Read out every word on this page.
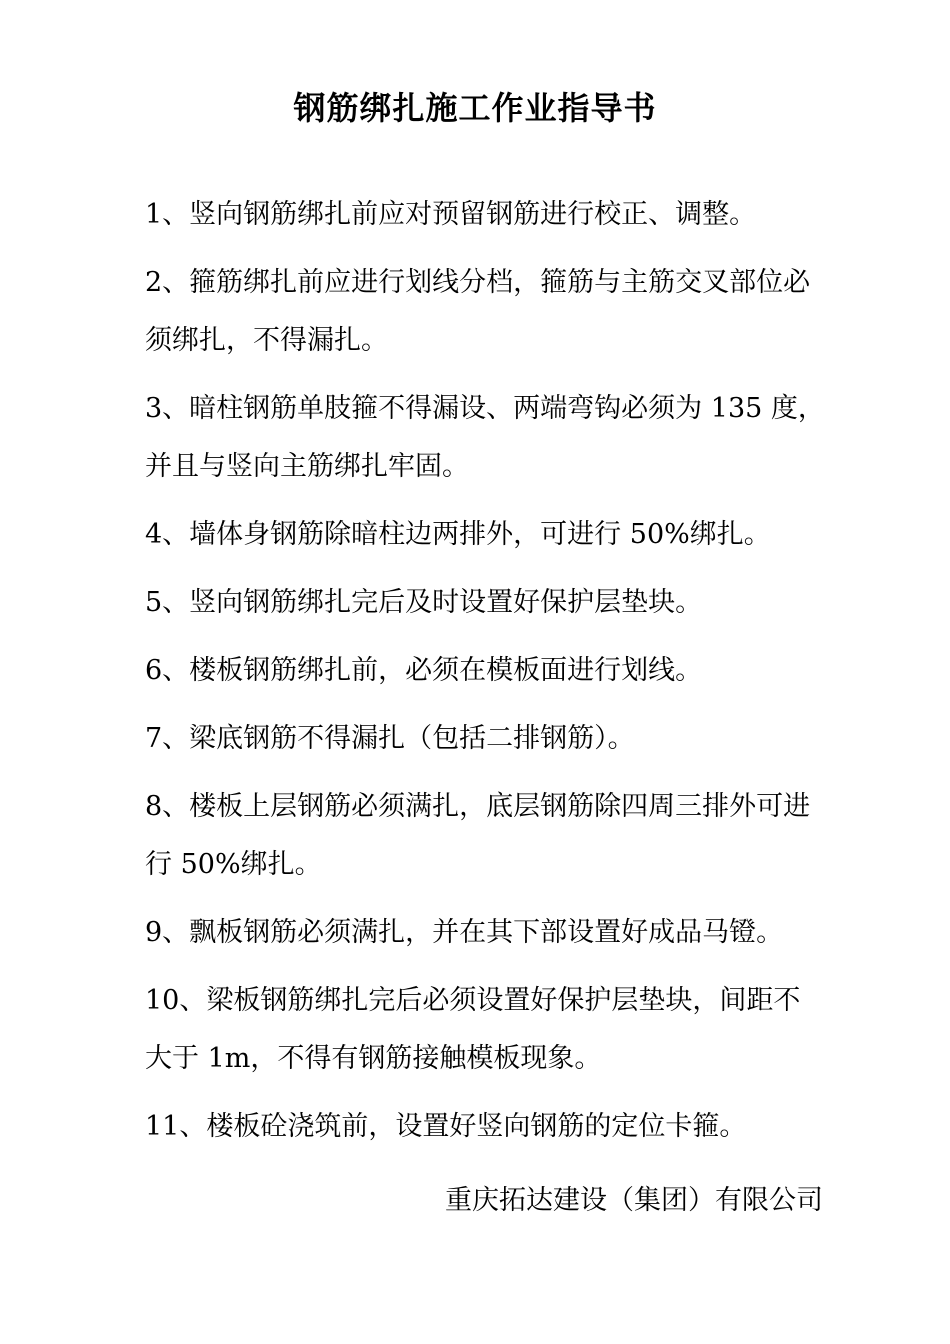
钢筋绑扎施工作业指导书

1、竖向钢筋绑扎前应对预留钢筋进行校正、调整。

2、箍筋绑扎前应进行划线分档，箍筋与主筋交叉部位必须绑扎，不得漏扎。

3、暗柱钢筋单肢箍不得漏设、两端弯钩必须为 135 度，并且与竖向主筋绑扎牢固。

4、墙体身钢筋除暗柱边两排外，可进行 50%绑扎。

5、竖向钢筋绑扎完后及时设置好保护层垫块。

6、楼板钢筋绑扎前，必须在模板面进行划线。

7、梁底钢筋不得漏扎（包括二排钢筋）。

8、楼板上层钢筋必须满扎，底层钢筋除四周三排外可进行 50%绑扎。

9、飘板钢筋必须满扎，并在其下部设置好成品马镫。

10、梁板钢筋绑扎完后必须设置好保护层垫块，间距不大于 1m，不得有钢筋接触模板现象。

11、楼板砼浇筑前，设置好竖向钢筋的定位卡箍。

重庆拓达建设（集团）有限公司
